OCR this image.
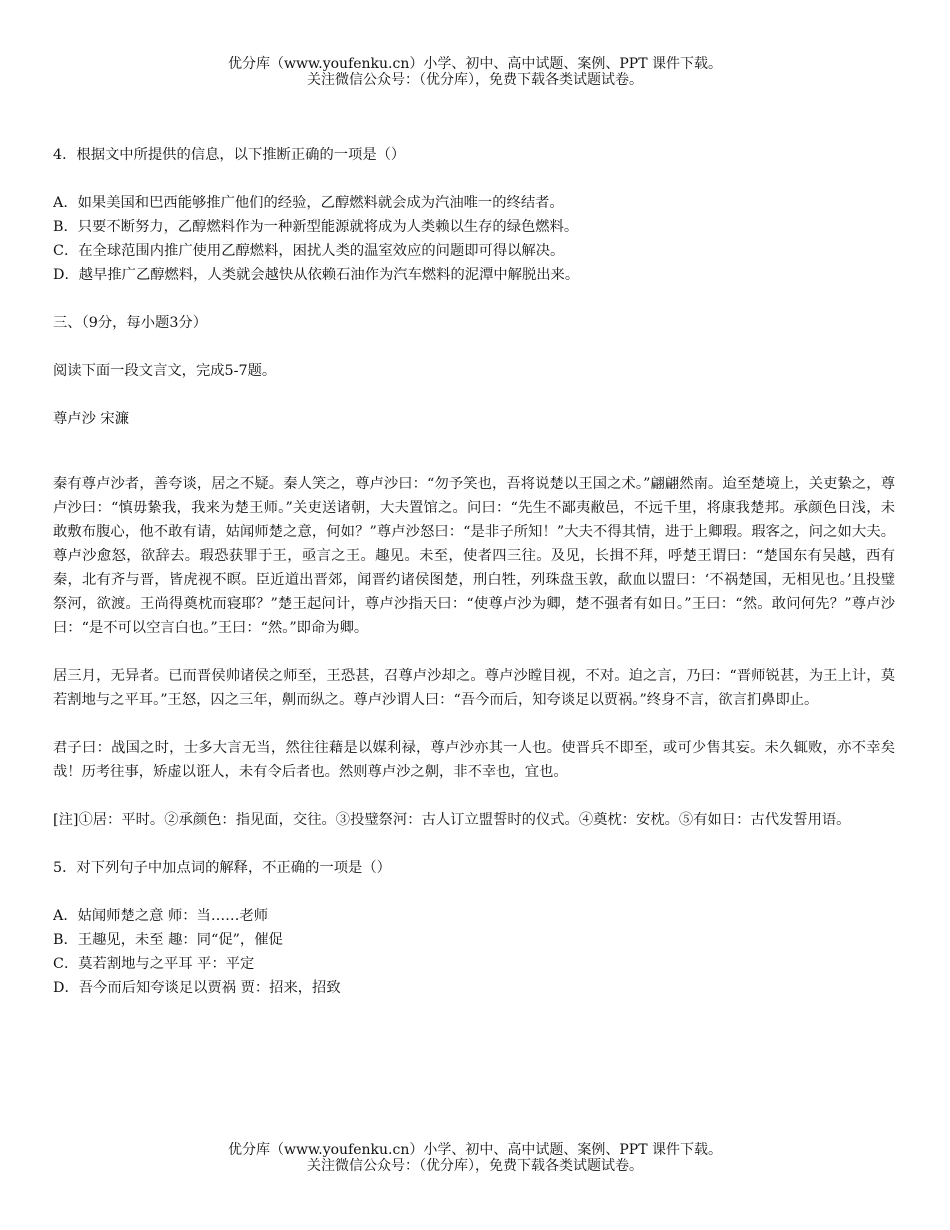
优分库（www.youfenku.cn）小学、初中、高中试题、案例、PPT 课件下载。
关注微信公众号：（优分库），免费下载各类试题试卷。
4．根据文中所提供的信息，以下推断正确的一项是（）
A．如果美国和巴西能够推广他们的经验，乙醇燃料就会成为汽油唯一的终结者。
B．只要不断努力，乙醇燃料作为一种新型能源就将成为人类赖以生存的绿色燃料。
C．在全球范围内推广使用乙醇燃料，困扰人类的温室效应的问题即可得以解决。
D．越早推广乙醇燃料，人类就会越快从依赖石油作为汽车燃料的泥潭中解脱出来。
三、（9分，每小题3分）
阅读下面一段文言文，完成5-7题。
尊卢沙 宋濂
秦有尊卢沙者，善夸谈，居之不疑。秦人笑之，尊卢沙曰：“勿予笑也，吾将说楚以王国之术。”翩翩然南。迨至楚境上，关吏絷之，尊卢沙曰：“慎毋絷我，我来为楚王师。”关吏送诸朝，大夫置馆之。问曰：“先生不鄙夷敝邑，不远千里，将康我楚邦。承颜色日浅，未敢敷布腹心，他不敢有请，姑闻师楚之意，何如？”尊卢沙怒曰：“是非子所知！”大夫不得其情，进于上卿瑕。瑕客之，问之如大夫。尊卢沙愈怒，欲辞去。瑕恐获罪于王，亟言之王。趣见。未至，使者四三往。及见，长揖不拜，呼楚王谓曰：“楚国东有吴越，西有秦，北有齐与晋，皆虎视不瞑。臣近道出晋郊，闻晋约诸侯图楚，刑白牲，列珠盘玉敦，歃血以盟曰：‘不祸楚国，无相见也。’且投璧祭河，欲渡。王尚得奠枕而寝耶？”楚王起问计，尊卢沙指天曰：“使尊卢沙为卿，楚不强者有如日。”王曰：“然。敢问何先？”尊卢沙曰：“是不可以空言白也。”王曰：“然。”即命为卿。
居三月，无异者。已而晋侯帅诸侯之师至，王恐甚，召尊卢沙却之。尊卢沙瞠目视，不对。迫之言，乃曰：“晋师锐甚，为王上计，莫若割地与之平耳。”王怒，囚之三年，劓而纵之。尊卢沙谓人曰：“吾今而后，知夸谈足以贾祸。”终身不言，欲言扪鼻即止。
君子曰：战国之时，士多大言无当，然往往藉是以媒利禄，尊卢沙亦其一人也。使晋兵不即至，或可少售其妄。未久辄败，亦不幸矣哉！历考往事，矫虚以诳人，未有令后者也。然则尊卢沙之劓，非不幸也，宜也。
[注]①居：平时。②承颜色：指见面，交往。③投璧祭河：古人订立盟誓时的仪式。④奠枕：安枕。⑤有如日：古代发誓用语。
5．对下列句子中加点词的解释，不正确的一项是（）
A．姑闻师楚之意 师：当……老师
B．王趣见，未至 趣：同“促”，催促
C．莫若割地与之平耳 平：平定
D．吾今而后知夸谈足以贾祸 贾：招来，招致
优分库（www.youfenku.cn）小学、初中、高中试题、案例、PPT 课件下载。
关注微信公众号：（优分库），免费下载各类试题试卷。
